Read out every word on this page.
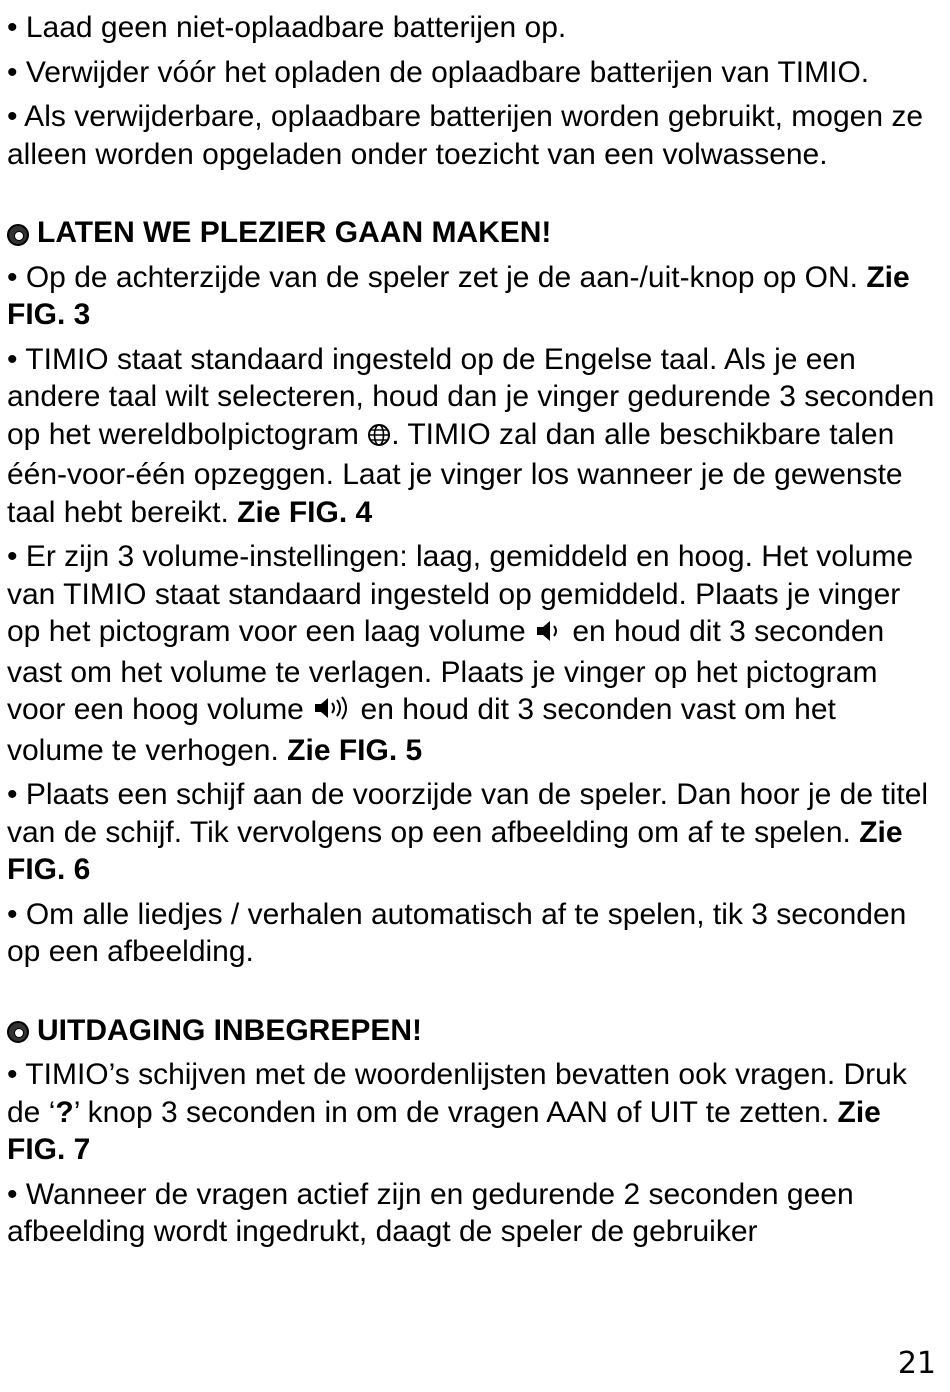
• Laad geen niet-oplaadbare batterijen op.

• Verwijder vóór het opladen de oplaadbare batterijen van TIMIO.

• Als verwijderbare, oplaadbare batterijen worden gebruikt, mogen ze alleen worden opgeladen onder toezicht van een volwassene.

LATEN WE PLEZIER GAAN MAKEN!

• Op de achterzijde van de speler zet je de aan-/uit-knop op ON. Zie FIG. 3

• TIMIO staat standaard ingesteld op de Engelse taal. Als je een andere taal wilt selecteren, houd dan je vinger gedurende 3 seconden op het wereldbolpictogram . TIMIO zal dan alle beschikbare talen één-voor-één opzeggen. Laat je vinger los wanneer je de gewenste taal hebt bereikt. Zie FIG. 4

• Er zijn 3 volume-instellingen: laag, gemiddeld en hoog. Het volume van TIMIO staat standaard ingesteld op gemiddeld. Plaats je vinger op het pictogram voor een laag volume  en houd dit 3 seconden vast om het volume te verlagen. Plaats je vinger op het pictogram voor een hoog volume  en houd dit 3 seconden vast om het volume te verhogen. Zie FIG. 5

• Plaats een schijf aan de voorzijde van de speler. Dan hoor je de titel van de schijf. Tik vervolgens op een afbeelding om af te spelen. Zie FIG. 6

• Om alle liedjes / verhalen automatisch af te spelen, tik 3 seconden op een afbeelding.

UITDAGING INBEGREPEN!

• TIMIO’s schijven met de woordenlijsten bevatten ook vragen. Druk de ‘?’ knop 3 seconden in om de vragen AAN of UIT te zetten. Zie FIG. 7

• Wanneer de vragen actief zijn en gedurende 2 seconden geen afbeelding wordt ingedrukt, daagt de speler de gebruiker

21
